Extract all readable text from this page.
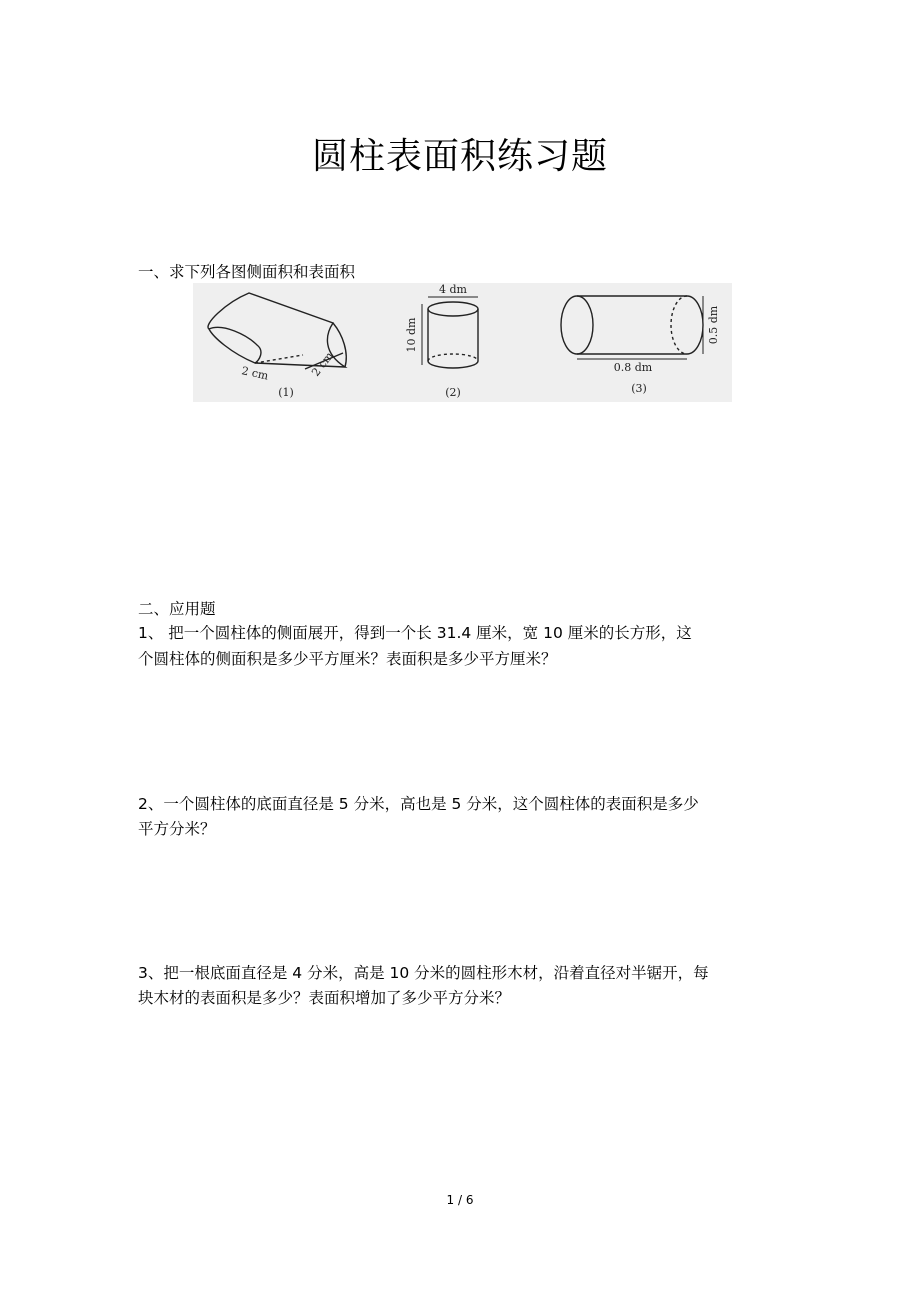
圆柱表面积练习题
一、求下列各图侧面积和表面积
2 cm	2 cm
(1)
4 dm
10 dm
(2)
0.5 dm
0.8 dm
(3)
二、应用题
1、 把一个圆柱体的侧面展开，得到一个长 31.4 厘米，宽 10 厘米的长方形，这
个圆柱体的侧面积是多少平方厘米？表面积是多少平方厘米？
2、一个圆柱体的底面直径是 5 分米，高也是 5 分米，这个圆柱体的表面积是多少
平方分米？
3、把一根底面直径是 4 分米，高是 10 分米的圆柱形木材，沿着直径对半锯开，每
块木材的表面积是多少？表面积增加了多少平方分米？
1 / 6
